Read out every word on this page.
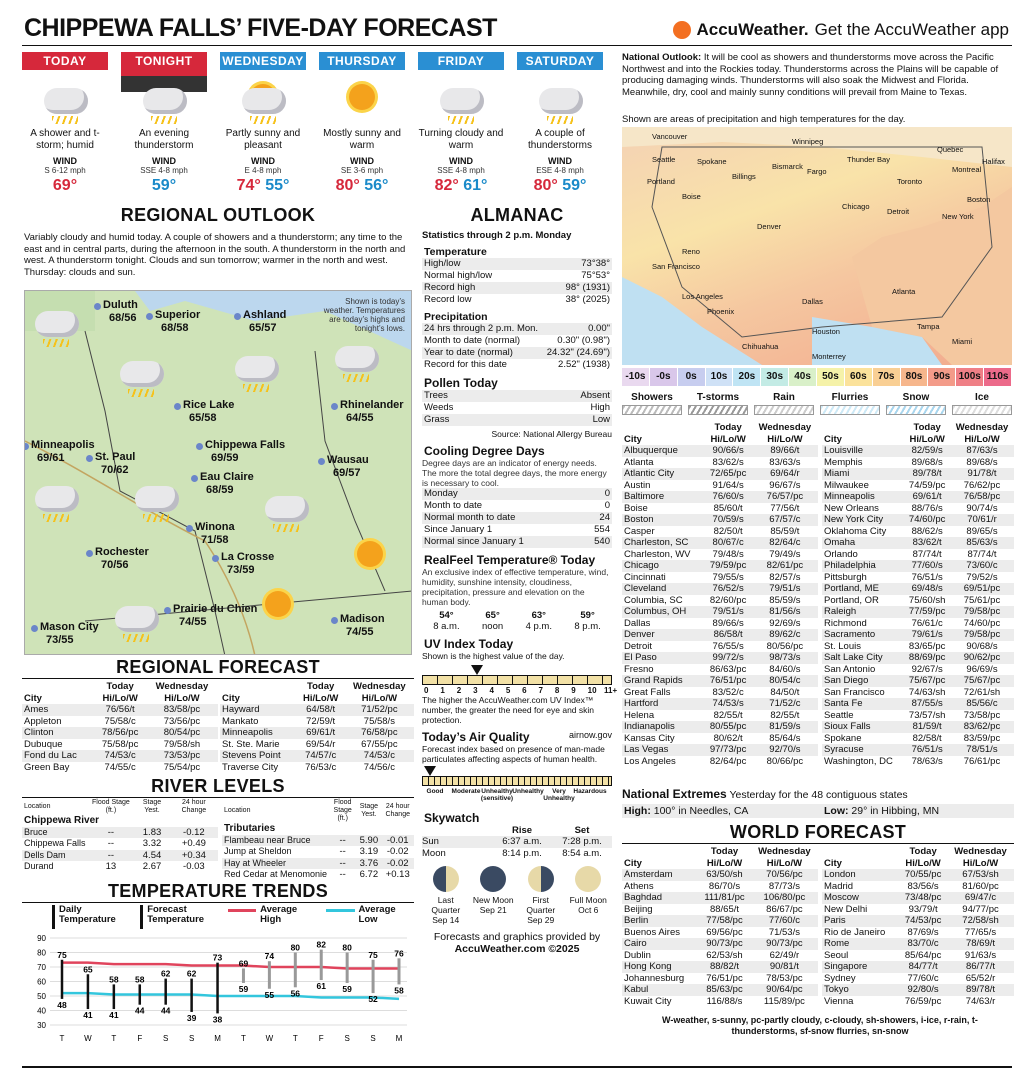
CHIPPEWA FALLS’ FIVE-DAY FORECAST	AccuWeather. Get the AccuWeather app
TODAY
A shower and t-storm; humid
WIND
S 6-12 mph
69°
TONIGHT
An evening thunderstorm
WIND
SSE 4-8 mph
59°
WEDNESDAY
Partly sunny and pleasant
WIND
E 4-8 mph
74° 55°
THURSDAY
Mostly sunny and warm
WIND
SE 3-6 mph
80° 56°
FRIDAY
Turning cloudy and warm
WIND
SSE 4-8 mph
82° 61°
SATURDAY
A couple of thunderstorms
WIND
ESE 4-8 mph
80° 59°
REGIONAL OUTLOOK
Variably cloudy and humid today. A couple of showers and a thunderstorm; any time to the east and in central parts, during the afternoon in the south. A thunderstorm in the north and west. A thunderstorm tonight. Clouds and sun tomorrow; warmer in the north and west. Thursday: clouds and sun.
Shown is today’s weather. Temperatures are today’s highs and tonight’s lows.
Duluth
68/56 Superior
68/58
Ashland
65/57
Rice Lake
65/58
Rhinelander
64/55
Minneapolis
69/61	St. Paul
70/62
Chippewa Falls
69/59	Wausau
69/57
Eau Claire
68/59
Winona
71/58
Rochester
70/56
La Crosse
73/59
Prairie du Chien
74/55
Mason City
73/55
Madison
74/55
REGIONAL FORECAST
	Today	Wednesday
City	Hi/Lo/W	Hi/Lo/W
Ames	76/56/t	83/58/pc
Appleton	75/58/c	73/56/pc
Clinton	78/56/pc	80/54/pc
Dubuque	75/58/pc	79/58/sh
Fond du Lac	74/53/c	73/53/pc
Green Bay	74/55/c	75/54/pc
	Today	Wednesday
City	Hi/Lo/W	Hi/Lo/W
Hayward	64/58/t	71/52/pc
Mankato	72/59/t	75/58/s
Minneapolis	69/61/t	76/58/pc
St. Ste. Marie	69/54/r	67/55/pc
Stevens Point	74/57/c	74/53/c
Traverse City	76/53/c	74/56/c
RIVER LEVELS
Location	Flood Stage (ft.)	Stage Yest.	24 hour Change
Chippewa River			
Bruce	--	1.83	-0.12
Chippewa Falls	--	3.32	+0.49
Dells Dam	--	4.54	+0.34
Durand	13	2.67	-0.03
Location	Flood Stage (ft.)	Stage Yest.	24 hour Change
Tributaries			
Flambeau near Bruce	--	5.90	-0.01
Jump at Sheldon	--	3.19	-0.02
Hay at Wheeler	--	3.76	-0.02
Red Cedar at Menomonie	--	6.72	+0.13
TEMPERATURE TRENDS
Daily Temperature
Forecast Temperature
Average High
Average Low
90
80
70
60
50
40
30
75
48
T
65
41
W
58
41
T
58
44
F
62
44
S
62
39
S
73
38
M
69
59
T
74
55
W
80
56
T
82
61
F
80
59
S
75
52
S
76
58
M
ALMANAC
Statistics through 2 p.m. Monday
Temperature
High/low	73°38°
Normal high/low	75°53°
Record high	98° (1931)
Record low	38° (2025)
Precipitation
24 hrs through 2 p.m. Mon.	0.00"
Month to date (normal)	0.30" (0.98")
Year to date (normal)	24.32" (24.69")
Record for this date	2.52" (1938)
Pollen Today
Trees	Absent
Weeds	High
Grass	Low
Source: National Allergy Bureau
Cooling Degree Days
Degree days are an indicator of energy needs. The more the total degree days, the more energy is necessary to cool.
Monday	0
Month to date	0
Normal month to date	24
Since January 1	554
Normal since January 1	540
RealFeel Temperature® Today
An exclusive index of effective temperature, wind, humidity, sunshine intensity, cloudiness, precipitation, pressure and elevation on the human body.
54°
8 a.m.
65°
noon
63°
4 p.m.
59°
8 p.m.
UV Index Today
Shown is the highest value of the day.
0 1 2 3 4 5 6 7 8 9 10 11+
The higher the AccuWeather.com UV Index™ number, the greater the need for eye and skin protection.
Today’s Air Quality	airnow.gov
Forecast index based on presence of man-made particulates affecting aspects of human health.
Good	Moderate Unhealthy (sensitive)
Unhealthy	Very Unhealthy
Hazardous
Skywatch
Rise	Set
Sun	6:37 a.m.	7:28 p.m.
Moon	8:14 p.m.	8:54 a.m.
Last Quarter
Sep 14
New Moon
Sep 21
First Quarter
Sep 29
Full Moon
Oct 6
Forecasts and graphics provided by
AccuWeather.com ©2025
National Outlook: It will be cool as showers and thunderstorms move across the Pacific Northwest and into the Rockies today. Thunderstorms across the Plains will be capable of producing damaging winds. Thunderstorms will also soak the Midwest and Florida. Meanwhile, dry, cool and mainly sunny conditions will prevail from Maine to Texas.
Shown are areas of precipitation and high temperatures for the day.
Vancouver
Seattle	Spokane
Portland
Boise
Billings
Bismarck
Fargo
Winnipeg
Thunder Bay
Quebec
Montreal
Halifax
Toronto
Boston
New York
Chicago
Detroit
Denver
Reno
San Francisco
Los Angeles
Phoenix
Dallas
Houston
Atlanta
Miami
Tampa
Monterrey
Chihuahua
-10s	-0s	0s	10s	20s	30s	40s	50s	60s	70s	80s	90s 100s 110s
Showers	T-storms	Rain	Flurries	Snow	Ice
	Today	Wednesday
City	Hi/Lo/W	Hi/Lo/W
Albuquerque	90/66/s	89/66/t
Atlanta	83/62/s	83/63/s
Atlantic City	72/65/pc	69/64/r
Austin	91/64/s	96/67/s
Baltimore	76/60/s	76/57/pc
Boise	85/60/t	77/56/t
Boston	70/59/s	67/57/c
Casper	82/50/t	85/59/t
Charleston, SC	80/67/c	82/64/c
Charleston, WV	79/48/s	79/49/s
Chicago	79/59/pc	82/61/pc
Cincinnati	79/55/s	82/57/s
Cleveland	76/52/s	79/51/s
Columbia, SC	82/60/pc	85/59/s
Columbus, OH	79/51/s	81/56/s
Dallas	89/66/s	92/69/s
Denver	86/58/t	89/62/c
Detroit	76/55/s	80/56/pc
El Paso	99/72/s	98/73/s
Fresno	86/63/pc	84/60/s
Grand Rapids	76/51/pc	80/54/c
Great Falls	83/52/c	84/50/t
Hartford	74/53/s	71/52/c
Helena	82/55/t	82/55/t
Indianapolis	80/55/pc	81/59/s
Kansas City	80/62/t	85/64/s
Las Vegas	97/73/pc	92/70/s
Los Angeles	82/64/pc	80/66/pc
	Today	Wednesday
City	Hi/Lo/W	Hi/Lo/W
Louisville	82/59/s	87/63/s
Memphis	89/68/s	89/68/s
Miami	89/78/t	91/78/t
Milwaukee	74/59/pc	76/62/pc
Minneapolis	69/61/t	76/58/pc
New Orleans	88/76/s	90/74/s
New York City	74/60/pc	70/61/r
Oklahoma City	88/62/s	89/65/s
Omaha	83/62/t	85/63/s
Orlando	87/74/t	87/74/t
Philadelphia	77/60/s	73/60/c
Pittsburgh	76/51/s	79/52/s
Portland, ME	69/48/s	69/51/pc
Portland, OR	75/60/sh	75/61/pc
Raleigh	77/59/pc	79/58/pc
Richmond	76/61/c	74/60/pc
Sacramento	79/61/s	79/58/pc
St. Louis	83/65/pc	90/68/s
Salt Lake City	88/69/pc	90/62/pc
San Antonio	92/67/s	96/69/s
San Diego	75/67/pc	75/67/pc
San Francisco	74/63/sh	72/61/sh
Santa Fe	87/55/s	85/56/c
Seattle	73/57/sh	73/58/pc
Sioux Falls	81/59/t	83/62/pc
Spokane	82/58/t	83/59/pc
Syracuse	76/51/s	78/51/s
Washington, DC	78/63/s	76/61/pc
National Extremes Yesterday for the 48 contiguous states
High: 100° in Needles, CA	Low: 29° in Hibbing, MN
WORLD FORECAST
	Today	Wednesday
City	Hi/Lo/W	Hi/Lo/W
Amsterdam	63/50/sh	70/56/pc
Athens	86/70/s	87/73/s
Baghdad	111/81/pc	106/80/pc
Beijing	88/65/t	86/67/pc
Berlin	77/58/pc	77/60/c
Buenos Aires	69/56/pc	71/53/s
Cairo	90/73/pc	90/73/pc
Dublin	62/53/sh	62/49/r
Hong Kong	88/82/t	90/81/t
Johannesburg	76/51/pc	78/53/pc
Kabul	85/63/pc	90/64/pc
Kuwait City	116/88/s	115/89/pc
	Today	Wednesday
City	Hi/Lo/W	Hi/Lo/W
London	70/55/pc	67/53/sh
Madrid	83/56/s	81/60/pc
Moscow	73/48/pc	69/47/c
New Delhi	93/79/t	94/77/pc
Paris	74/53/pc	72/58/sh
Rio de Janeiro	87/69/s	77/65/s
Rome	83/70/c	78/69/t
Seoul	85/64/pc	91/63/s
Singapore	84/77/t	86/77/t
Sydney	77/60/c	65/52/r
Tokyo	92/80/s	89/78/t
Vienna	76/59/pc	74/63/r
W-weather, s-sunny, pc-partly cloudy, c-cloudy, sh-showers, i-ice, r-rain, t-thunderstorms, sf-snow flurries, sn-snow
